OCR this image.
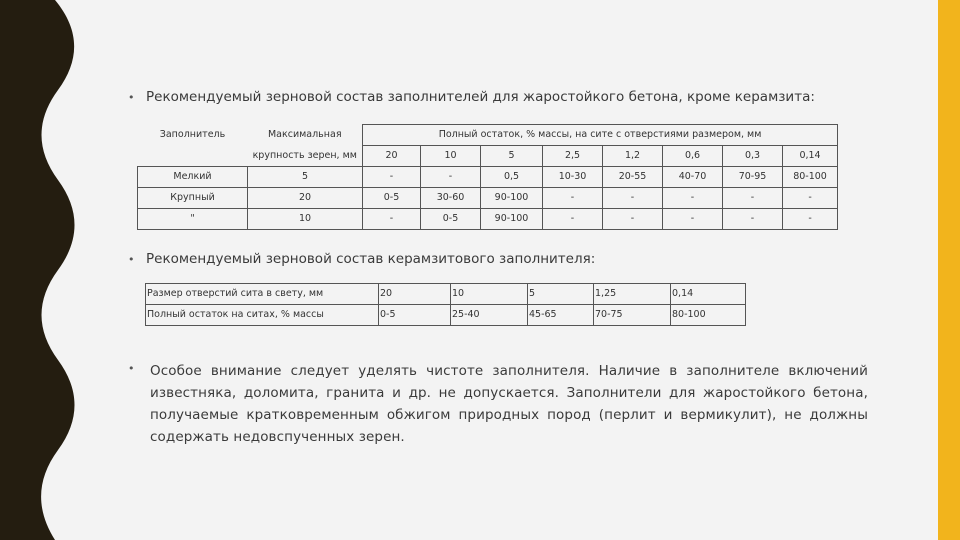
• Рекомендуемый зерновой состав заполнителей для жаростойкого бетона, кроме керамзита:
Заполнитель	Максимальная	Полный остаток, % массы, на сите с отверстиями размером, мм							
	крупность зерен, мм	20	10	5	2,5	1,2	0,6	0,3	0,14
Мелкий	5	-	-	0,5	10-30	20-55	40-70	70-95	80-100
Крупный	20	0-5	30-60	90-100	-	-	-	-	-
"	10	-	0-5	90-100	-	-	-	-	-
• Рекомендуемый зерновой состав керамзитового заполнителя:
Размер отверстий сита в свету, мм	20	10	5	1,25	0,14
Полный остаток на ситах, % массы	0-5	25-40	45-65	70-75	80-100
•	Особое внимание следует уделять чистоте заполнителя. Наличие в заполнителе включений известняка, доломита, гранита и др. не допускается. Заполнители для жаростойкого бетона, получаемые кратковременным обжигом природных пород (перлит и вермикулит), не должны содержать недовспученных зерен.
